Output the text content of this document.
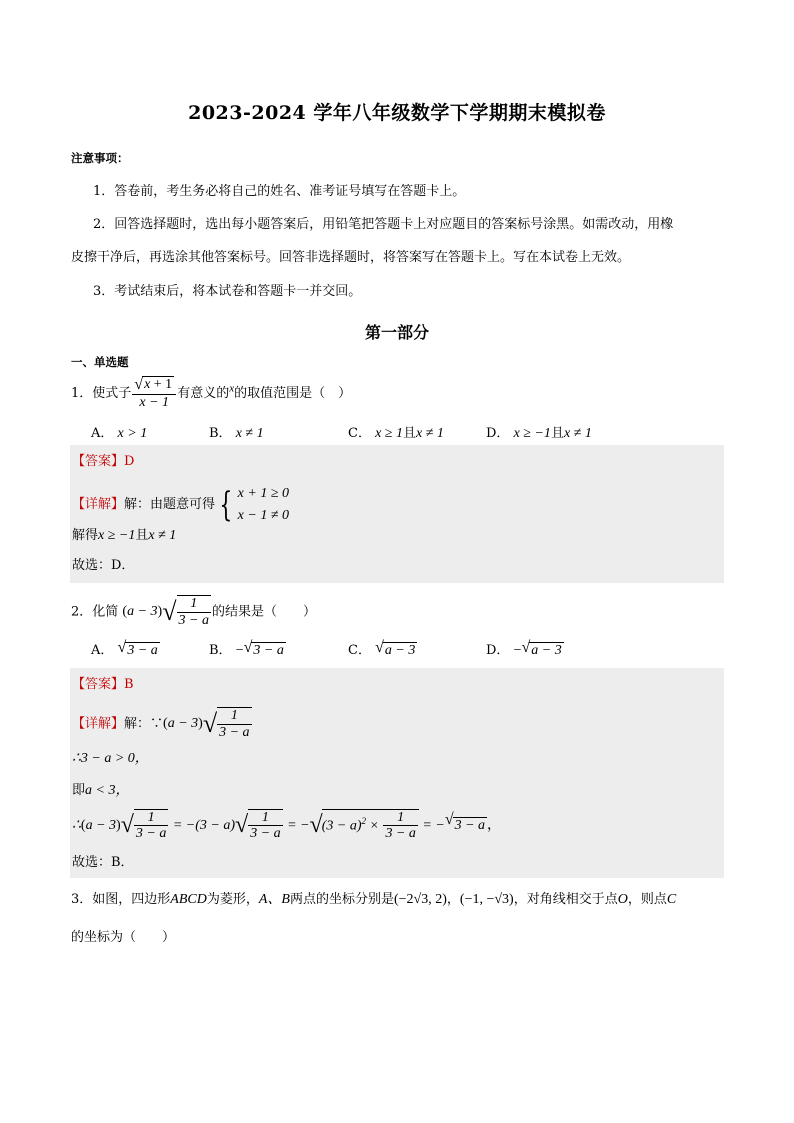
2023-2024 学年八年级数学下学期期末模拟卷
注意事项：
1．答卷前，考生务必将自己的姓名、准考证号填写在答题卡上。
2．回答选择题时，选出每小题答案后，用铅笔把答题卡上对应题目的答案标号涂黑。如需改动，用橡
皮擦干净后，再选涂其他答案标号。回答非选择题时，将答案写在答题卡上。写在本试卷上无效。
3．考试结束后，将本试卷和答题卡一并交回。
第一部分
一、单选题
1．使式子 $\frac{√x + 1}{x - 1}$ 有意义的$^x$的取值范围是（　）
A． x > 1	B． x ≠ 1	C． x ≥ 1且x ≠ 1	D． x ≥ −1且x ≠ 1
【答案】D
【详解】解：由题意可得 { x + 1 ≥ 0
x − 1 ≠ 0
解得x ≥ −1且x ≠ 1
故选：D．
2．化简 $(a - 3)√ \frac{1}{3 - a}$ 的结果是（　　）
A． √3 − a	B． −√3 − a	C． √a − 3	D． −√a − 3
【答案】B
【详解】解：∵(a − $3)√ \frac{1}{3 - a}$
∴3 − a > 0，
即a < 3，
∴(a − $3)√ \frac{1}{3 - a} = -(3 - a)√ \frac{1}{3 - a} = -√(3 - a)^2 \times \frac{1}{3 - a} = -√3 - a$ ，
故选：B．
3．如图，四边形ABCD为菱形，A、B两点的坐标分别是(−2√3, 2)，(−1, −√3)，对角线相交于点O，则点C
的坐标为（　　）
